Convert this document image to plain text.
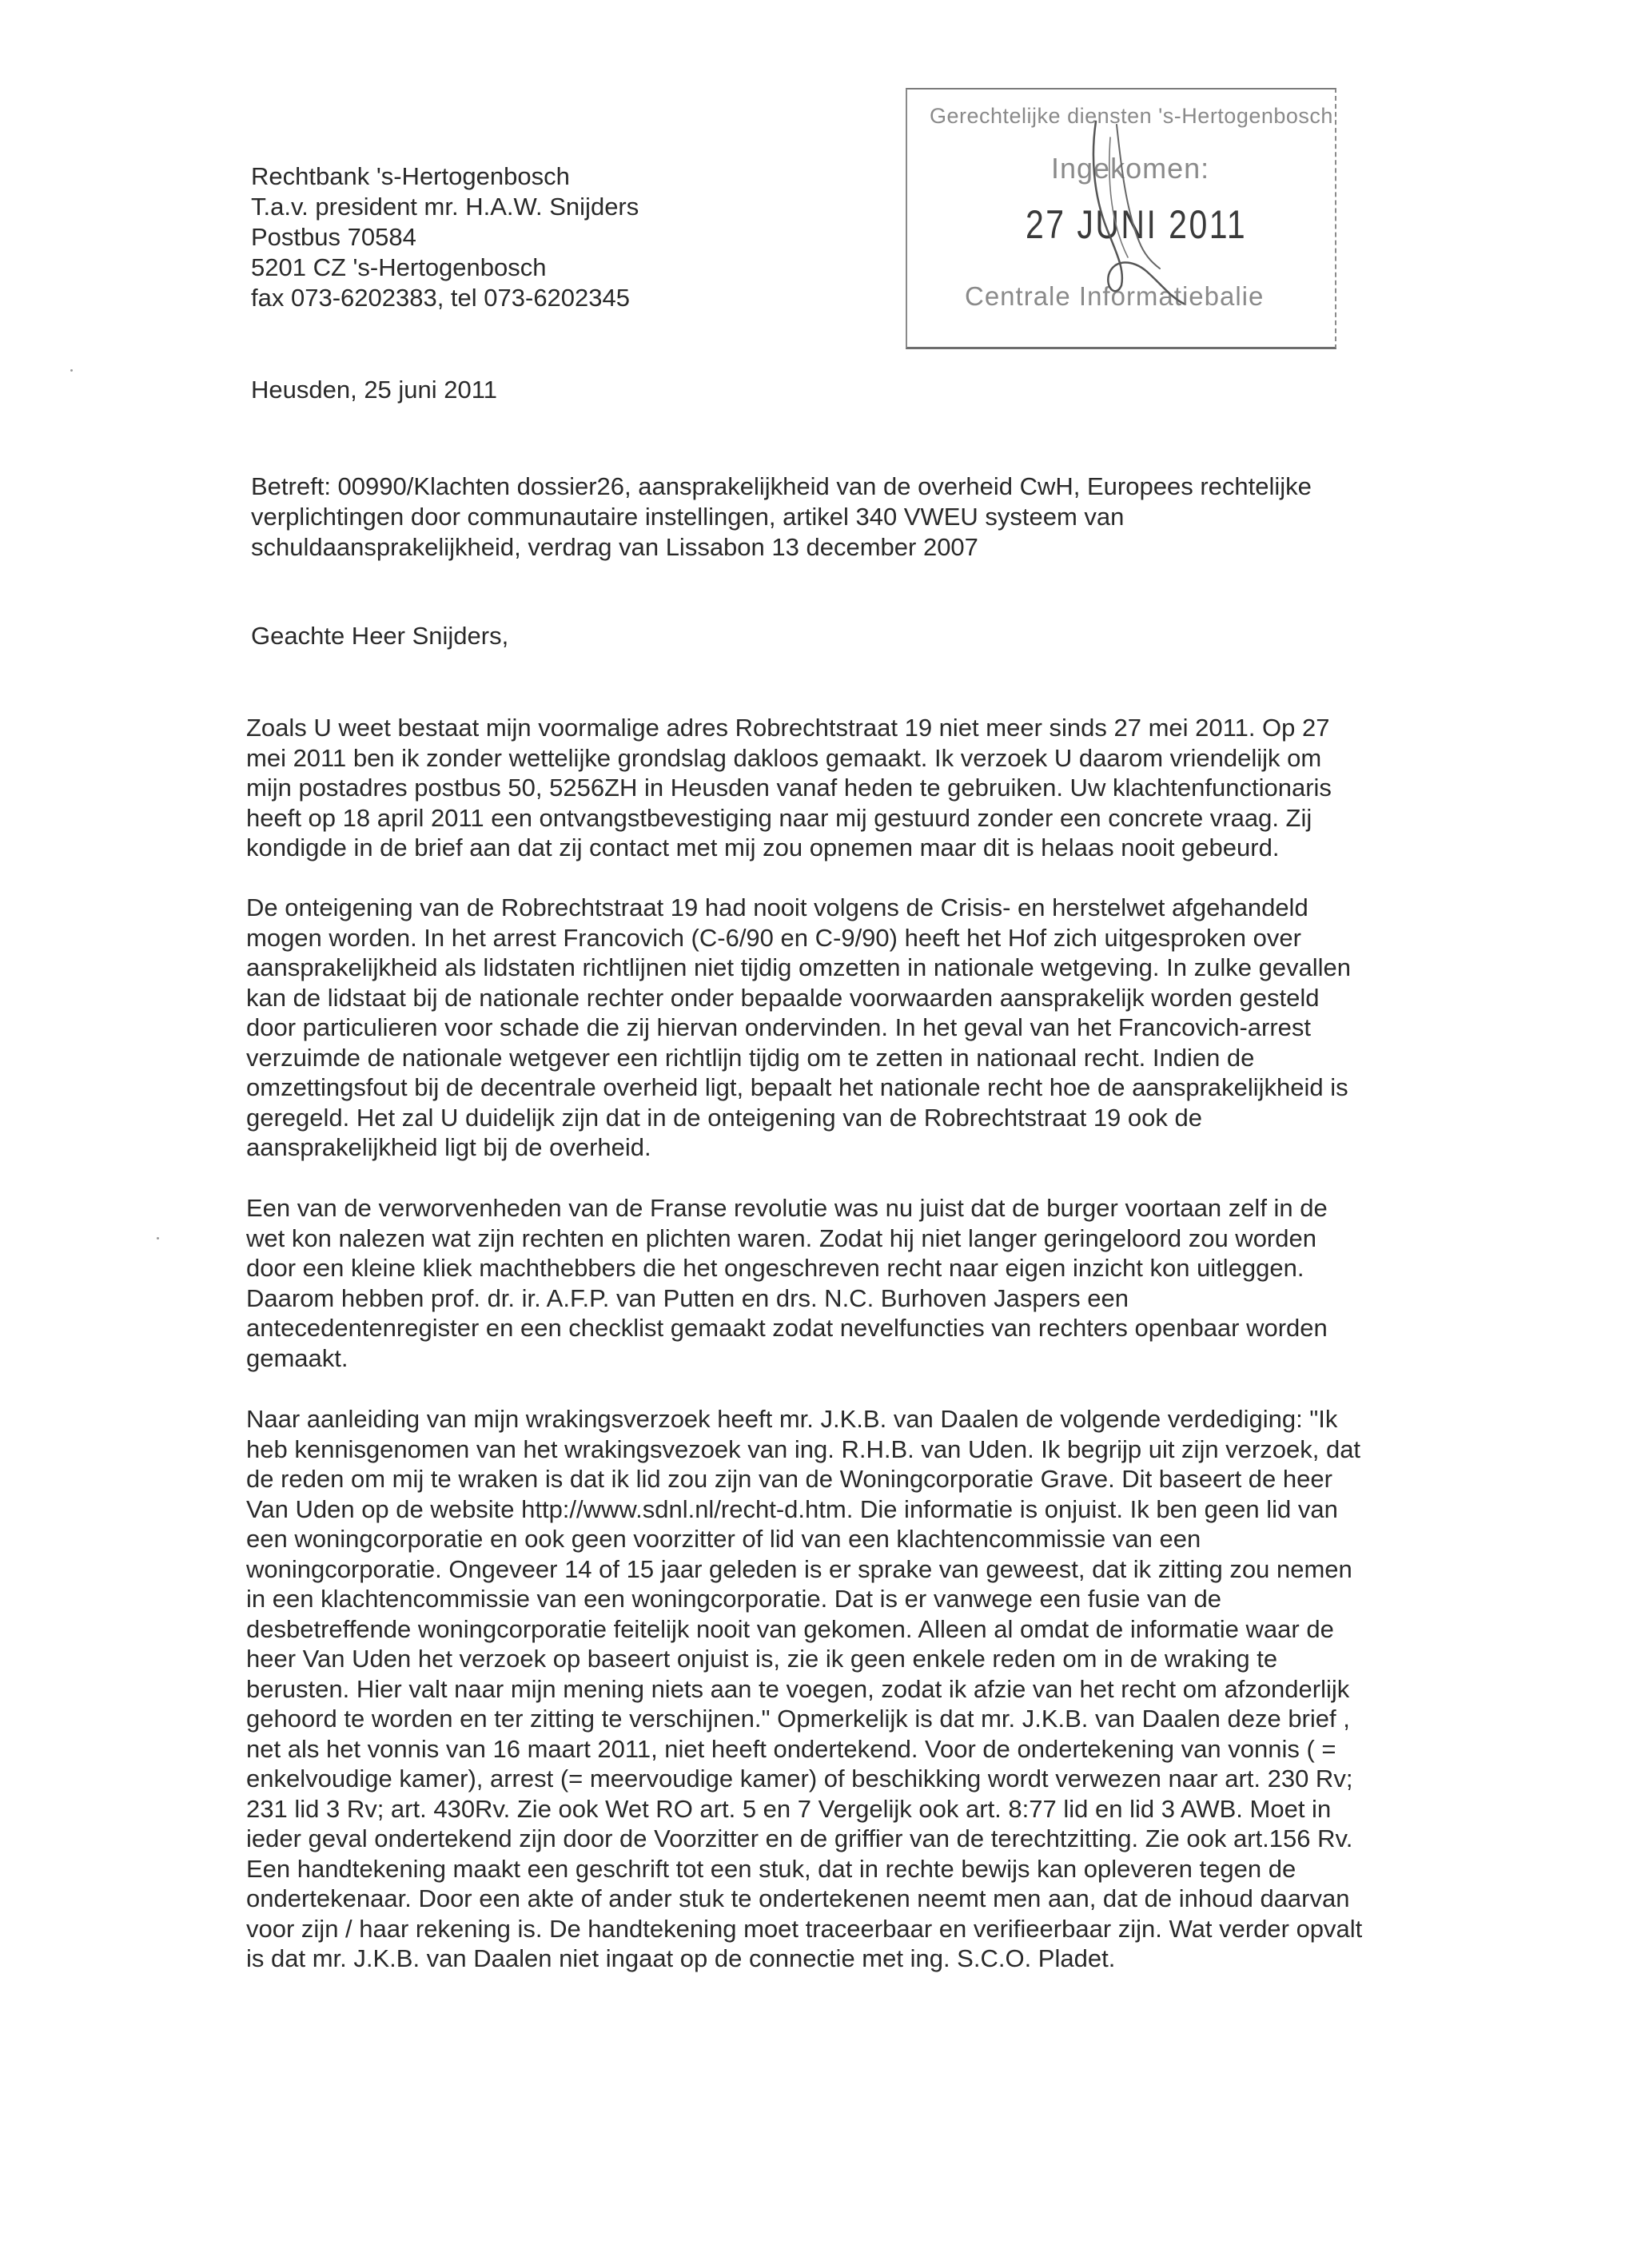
Rechtbank 's-Hertogenbosch
T.a.v. president mr. H.A.W. Snijders
Postbus 70584
5201 CZ 's-Hertogenbosch
fax 073-6202383, tel 073-6202345
Gerechtelijke diensten 's-Hertogenbosch
Ingekomen:
27 JUNI 2011
Centrale Informatiebalie
Heusden, 25 juni 2011
Betreft: 00990/Klachten dossier26, aansprakelijkheid van de overheid CwH, Europees rechtelijke
verplichtingen door communautaire instellingen, artikel 340 VWEU systeem van
schuldaansprakelijkheid, verdrag van Lissabon 13 december 2007
Geachte Heer Snijders,
Zoals U weet bestaat mijn voormalige adres Robrechtstraat 19 niet meer sinds 27 mei 2011. Op 27
mei 2011 ben ik zonder wettelijke grondslag dakloos gemaakt. Ik verzoek U daarom vriendelijk om
mijn postadres postbus 50, 5256ZH in Heusden vanaf heden te gebruiken. Uw klachtenfunctionaris
heeft op 18 april 2011 een ontvangstbevestiging naar mij gestuurd zonder een concrete vraag. Zij
kondigde in de brief aan dat zij contact met mij zou opnemen maar dit is helaas nooit gebeurd.
De onteigening van de Robrechtstraat 19 had nooit volgens de Crisis- en herstelwet afgehandeld
mogen worden. In het arrest Francovich (C-6/90 en C-9/90) heeft het Hof zich uitgesproken over
aansprakelijkheid als lidstaten richtlijnen niet tijdig omzetten in nationale wetgeving. In zulke gevallen
kan de lidstaat bij de nationale rechter onder bepaalde voorwaarden aansprakelijk worden gesteld
door particulieren voor schade die zij hiervan ondervinden. In het geval van het Francovich-arrest
verzuimde de nationale wetgever een richtlijn tijdig om te zetten in nationaal recht. Indien de
omzettingsfout bij de decentrale overheid ligt, bepaalt het nationale recht hoe de aansprakelijkheid is
geregeld. Het zal U duidelijk zijn dat in de onteigening van de Robrechtstraat 19 ook de
aansprakelijkheid ligt bij de overheid.
Een van de verworvenheden van de Franse revolutie was nu juist dat de burger voortaan zelf in de
wet kon nalezen wat zijn rechten en plichten waren. Zodat hij niet langer geringeloord zou worden
door een kleine kliek machthebbers die het ongeschreven recht naar eigen inzicht kon uitleggen.
Daarom hebben prof. dr. ir. A.F.P. van Putten en drs. N.C. Burhoven Jaspers een
antecedentenregister en een checklist gemaakt zodat nevelfuncties van rechters openbaar worden
gemaakt.
Naar aanleiding van mijn wrakingsverzoek heeft mr. J.K.B. van Daalen de volgende verdediging: "Ik
heb kennisgenomen van het wrakingsvezoek van ing. R.H.B. van Uden. Ik begrijp uit zijn verzoek, dat
de reden om mij te wraken is dat ik lid zou zijn van de Woningcorporatie Grave. Dit baseert de heer
Van Uden op de website http://www.sdnl.nl/recht-d.htm. Die informatie is onjuist. Ik ben geen lid van
een woningcorporatie en ook geen voorzitter of lid van een klachtencommissie van een
woningcorporatie. Ongeveer 14 of 15 jaar geleden is er sprake van geweest, dat ik zitting zou nemen
in een klachtencommissie van een woningcorporatie. Dat is er vanwege een fusie van de
desbetreffende woningcorporatie feitelijk nooit van gekomen. Alleen al omdat de informatie waar de
heer Van Uden het verzoek op baseert onjuist is, zie ik geen enkele reden om in de wraking te
berusten. Hier valt naar mijn mening niets aan te voegen, zodat ik afzie van het recht om afzonderlijk
gehoord te worden en ter zitting te verschijnen." Opmerkelijk is dat mr. J.K.B. van Daalen deze brief ,
net als het vonnis van 16 maart 2011, niet heeft ondertekend. Voor de ondertekening van vonnis ( =
enkelvoudige kamer), arrest (= meervoudige kamer) of beschikking wordt verwezen naar art. 230 Rv;
231 lid 3 Rv; art. 430Rv. Zie ook Wet RO art. 5 en 7 Vergelijk ook art. 8:77 lid en lid 3 AWB. Moet in
ieder geval ondertekend zijn door de Voorzitter en de griffier van de terechtzitting. Zie ook art.156 Rv.
Een handtekening maakt een geschrift tot een stuk, dat in rechte bewijs kan opleveren tegen de
ondertekenaar. Door een akte of ander stuk te ondertekenen neemt men aan, dat de inhoud daarvan
voor zijn / haar rekening is. De handtekening moet traceerbaar en verifieerbaar zijn. Wat verder opvalt
is dat mr. J.K.B. van Daalen niet ingaat op de connectie met ing. S.C.O. Pladet.
